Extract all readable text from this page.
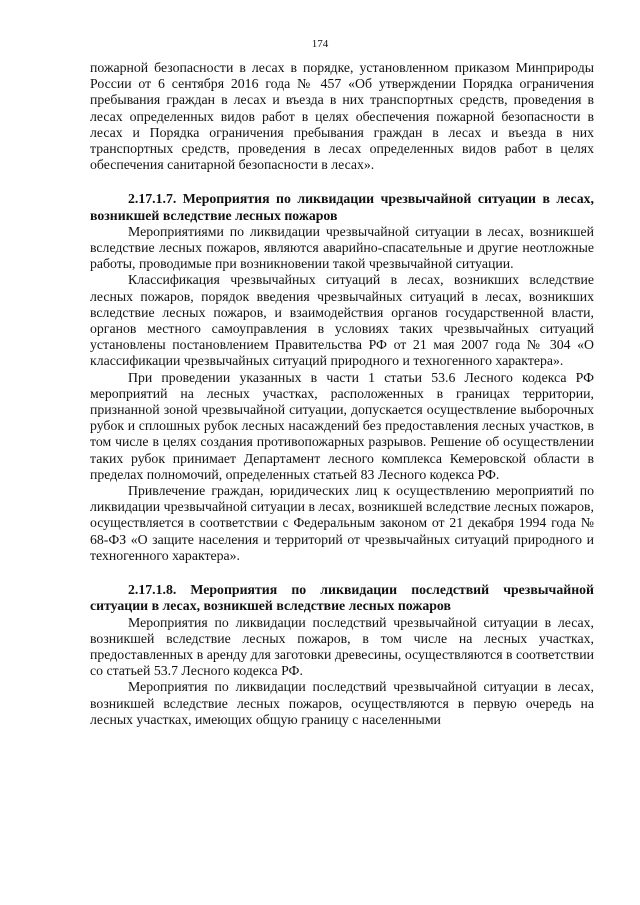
174

пожарной безопасности в лесах в порядке, установленном приказом Минприроды России от 6 сентября 2016 года № 457 «Об утверждении Порядка ограничения пребывания граждан в лесах и въезда в них транспортных средств, проведения в лесах определенных видов работ в целях обеспечения пожарной безопасности в лесах и Порядка ограничения пребывания граждан в лесах и въезда в них транспортных средств, проведения в лесах определенных видов работ в целях обеспечения санитарной безопасности в лесах».

2.17.1.7. Мероприятия по ликвидации чрезвычайной ситуации в лесах, возникшей вследствие лесных пожаров

Мероприятиями по ликвидации чрезвычайной ситуации в лесах, возникшей вследствие лесных пожаров, являются аварийно-спасательные и другие неотложные работы, проводимые при возникновении такой чрезвычайной ситуации.

Классификация чрезвычайных ситуаций в лесах, возникших вследствие лесных пожаров, порядок введения чрезвычайных ситуаций в лесах, возникших вследствие лесных пожаров, и взаимодействия органов государственной власти, органов местного самоуправления в условиях таких чрезвычайных ситуаций установлены постановлением Правительства РФ от 21 мая 2007 года № 304 «О классификации чрезвычайных ситуаций природного и техногенного характера».

При проведении указанных в части 1 статьи 53.6 Лесного кодекса РФ мероприятий на лесных участках, расположенных в границах территории, признанной зоной чрезвычайной ситуации, допускается осуществление выборочных рубок и сплошных рубок лесных насаждений без предоставления лесных участков, в том числе в целях создания противопожарных разрывов. Решение об осуществлении таких рубок принимает Департамент лесного комплекса Кемеровской области в пределах полномочий, определенных статьей 83 Лесного кодекса РФ.

Привлечение граждан, юридических лиц к осуществлению мероприятий по ликвидации чрезвычайной ситуации в лесах, возникшей вследствие лесных пожаров, осуществляется в соответствии с Федеральным законом от 21 декабря 1994 года № 68-ФЗ «О защите населения и территорий от чрезвычайных ситуаций природного и техногенного характера».

2.17.1.8. Мероприятия по ликвидации последствий чрезвычайной ситуации в лесах, возникшей вследствие лесных пожаров

Мероприятия по ликвидации последствий чрезвычайной ситуации в лесах, возникшей вследствие лесных пожаров, в том числе на лесных участках, предоставленных в аренду для заготовки древесины, осуществляются в соответствии со статьей 53.7 Лесного кодекса РФ.

Мероприятия по ликвидации последствий чрезвычайной ситуации в лесах, возникшей вследствие лесных пожаров, осуществляются в первую очередь на лесных участках, имеющих общую границу с населенными
